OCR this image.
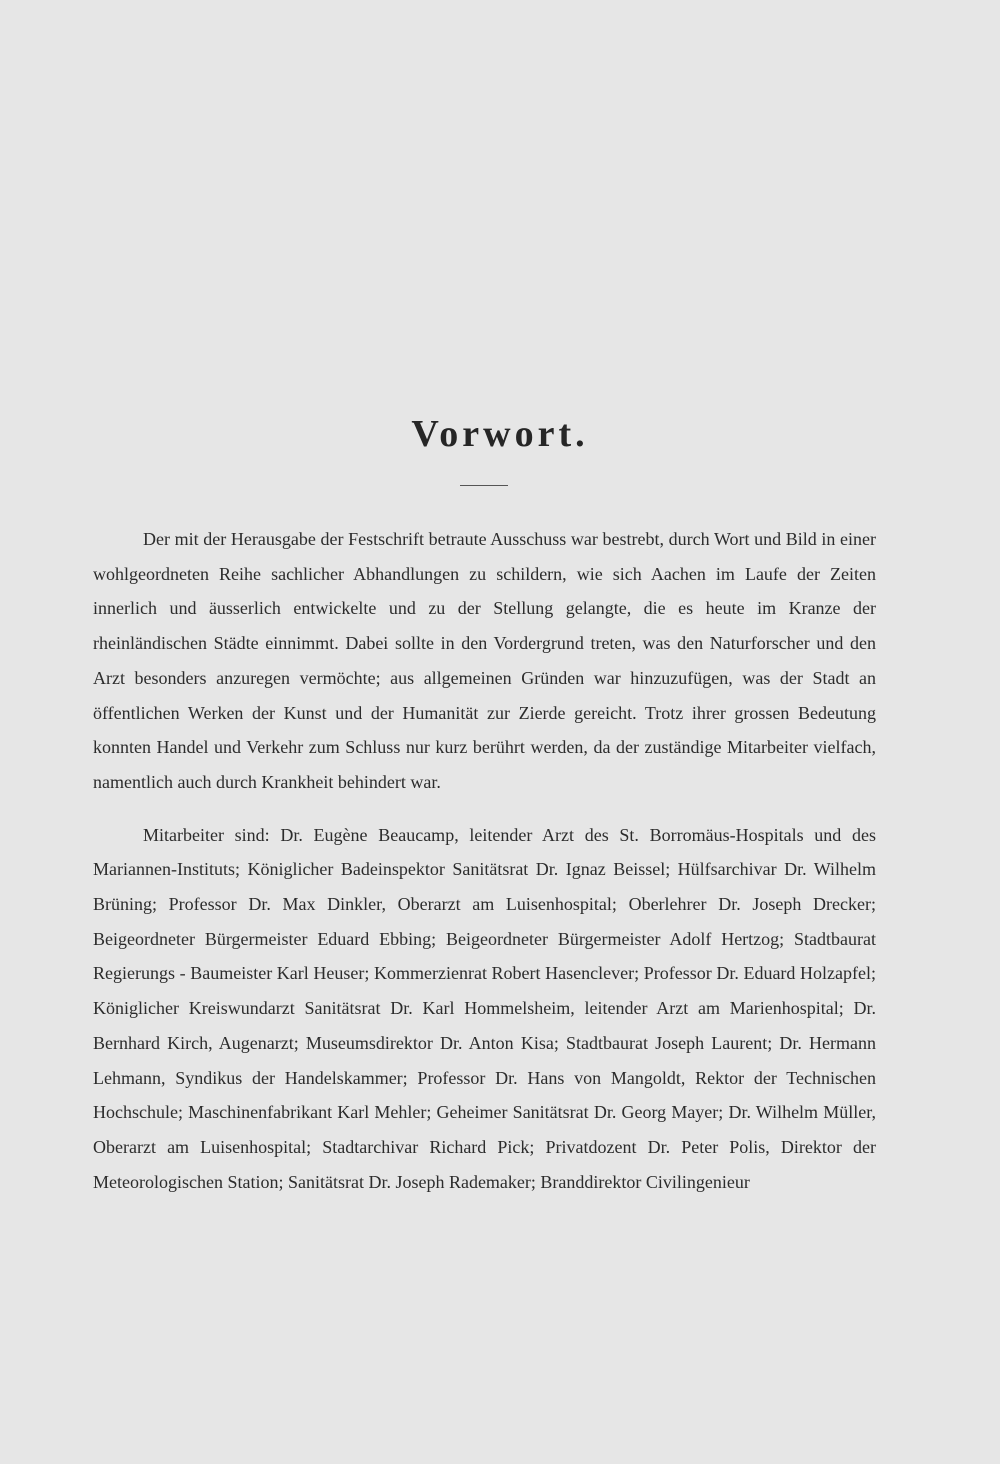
Vorwort.

Der mit der Herausgabe der Festschrift betraute Ausschuss war bestrebt, durch Wort und Bild in einer wohlgeordneten Reihe sachlicher Abhandlungen zu schildern, wie sich Aachen im Laufe der Zeiten innerlich und äusserlich entwickelte und zu der Stellung gelangte, die es heute im Kranze der rheinländischen Städte einnimmt. Dabei sollte in den Vordergrund treten, was den Naturforscher und den Arzt besonders anzuregen vermöchte; aus allgemeinen Gründen war hinzuzufügen, was der Stadt an öffentlichen Werken der Kunst und der Humanität zur Zierde gereicht. Trotz ihrer grossen Bedeutung konnten Handel und Verkehr zum Schluss nur kurz berührt werden, da der zuständige Mitarbeiter vielfach, namentlich auch durch Krankheit behindert war.

Mitarbeiter sind: Dr. Eugène Beaucamp, leitender Arzt des St. Borromäus-Hospitals und des Mariannen-Instituts; Königlicher Badeinspektor Sanitätsrat Dr. Ignaz Beissel; Hülfsarchivar Dr. Wilhelm Brüning; Professor Dr. Max Dinkler, Oberarzt am Luisenhospital; Oberlehrer Dr. Joseph Drecker; Beigeordneter Bürgermeister Eduard Ebbing; Beigeordneter Bürgermeister Adolf Hertzog; Stadtbaurat Regierungs - Baumeister Karl Heuser; Kommerzienrat Robert Hasenclever; Professor Dr. Eduard Holzapfel; Königlicher Kreiswundarzt Sanitätsrat Dr. Karl Hommelsheim, leitender Arzt am Marienhospital; Dr. Bernhard Kirch, Augenarzt; Museumsdirektor Dr. Anton Kisa; Stadtbaurat Joseph Laurent; Dr. Hermann Lehmann, Syndikus der Handelskammer; Professor Dr. Hans von Mangoldt, Rektor der Technischen Hochschule; Maschinenfabrikant Karl Mehler; Geheimer Sanitätsrat Dr. Georg Mayer; Dr. Wilhelm Müller, Oberarzt am Luisenhospital; Stadtarchivar Richard Pick; Privatdozent Dr. Peter Polis, Direktor der Meteorologischen Station; Sanitätsrat Dr. Joseph Rademaker; Branddirektor Civilingenieur
